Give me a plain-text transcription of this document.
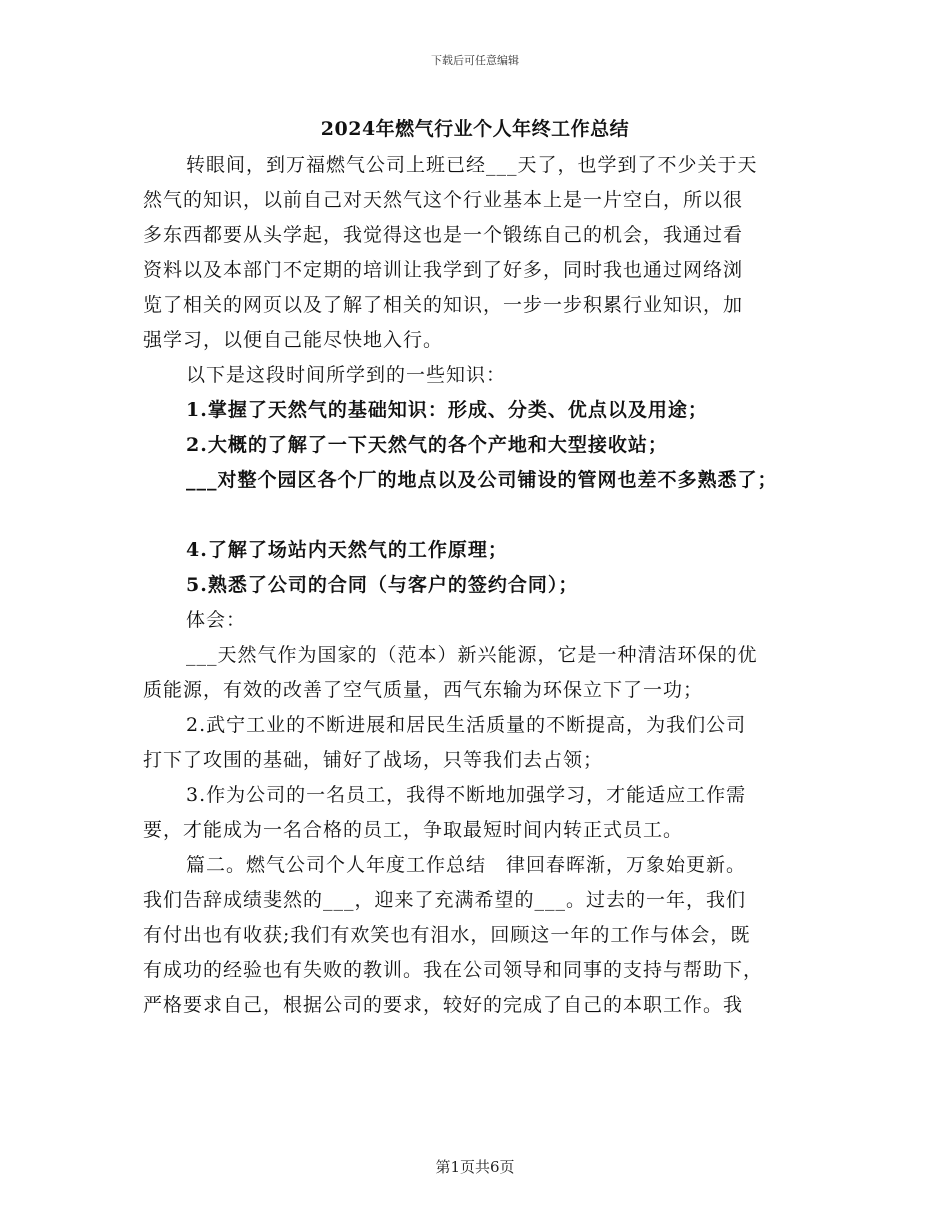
下载后可任意编辑
2024年燃气行业个人年终工作总结
转眼间，到万福燃气公司上班已经___天了，也学到了不少关于天
然气的知识，以前自己对天然气这个行业基本上是一片空白，所以很
多东西都要从头学起，我觉得这也是一个锻练自己的机会，我通过看
资料以及本部门不定期的培训让我学到了好多，同时我也通过网络浏
览了相关的网页以及了解了相关的知识，一步一步积累行业知识，加
强学习，以便自己能尽快地入行。
以下是这段时间所学到的一些知识：
1.掌握了天然气的基础知识：形成、分类、优点以及用途；
2.大概的了解了一下天然气的各个产地和大型接收站；
___对整个园区各个厂的地点以及公司铺设的管网也差不多熟悉了；
4.了解了场站内天然气的工作原理；
5.熟悉了公司的合同（与客户的签约合同）；
体会：
___天然气作为国家的（范本）新兴能源，它是一种清洁环保的优
质能源，有效的改善了空气质量，西气东输为环保立下了一功；
2.武宁工业的不断进展和居民生活质量的不断提高，为我们公司
打下了攻围的基础，铺好了战场，只等我们去占领；
3.作为公司的一名员工，我得不断地加强学习，才能适应工作需
要，才能成为一名合格的员工，争取最短时间内转正式员工。
篇二。燃气公司个人年度工作总结　律回春晖渐，万象始更新。
我们告辞成绩斐然的___，迎来了充满希望的___。过去的一年，我们
有付出也有收获;我们有欢笑也有泪水，回顾这一年的工作与体会，既
有成功的经验也有失败的教训。我在公司领导和同事的支持与帮助下，
严格要求自己，根据公司的要求，较好的完成了自己的本职工作。我
第1页共6页
